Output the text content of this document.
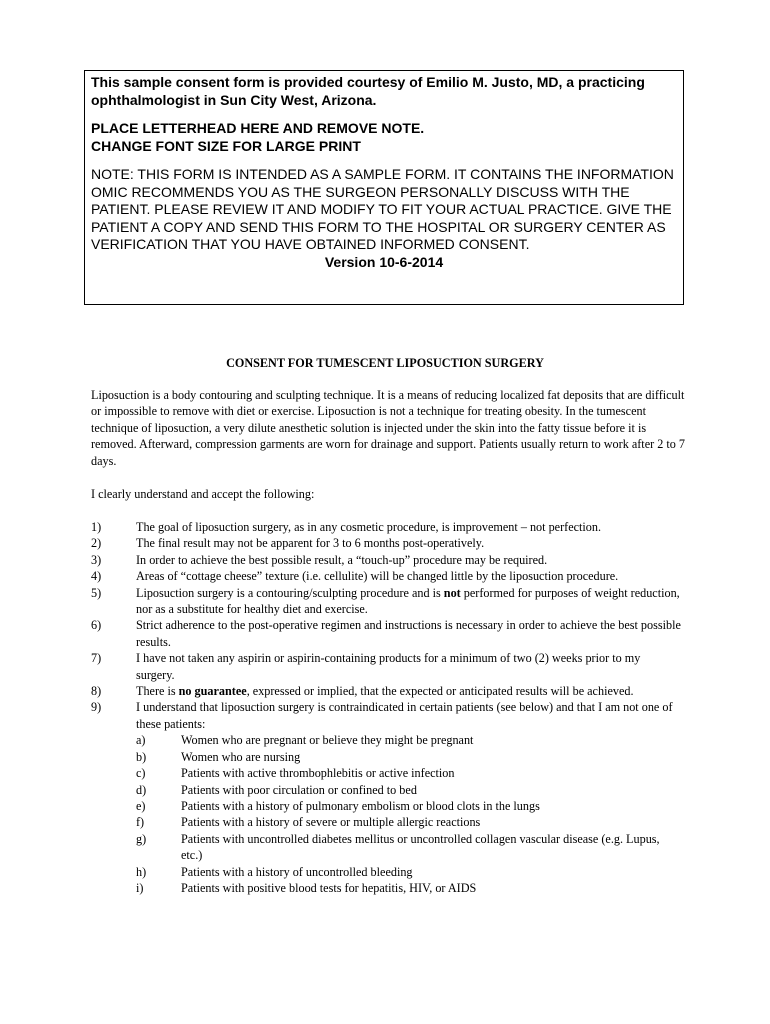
This sample consent form is provided courtesy of Emilio M. Justo, MD, a practicing ophthalmologist in Sun City West, Arizona.

PLACE LETTERHEAD HERE AND REMOVE NOTE.

CHANGE FONT SIZE FOR LARGE PRINT

NOTE: THIS FORM IS INTENDED AS A SAMPLE FORM. IT CONTAINS THE INFORMATION OMIC RECOMMENDS YOU AS THE SURGEON PERSONALLY DISCUSS WITH THE PATIENT. PLEASE REVIEW IT AND MODIFY TO FIT YOUR ACTUAL PRACTICE. GIVE THE PATIENT A COPY AND SEND THIS FORM TO THE HOSPITAL OR SURGERY CENTER AS VERIFICATION THAT YOU HAVE OBTAINED INFORMED CONSENT.

Version 10-6-2014

CONSENT FOR TUMESCENT LIPOSUCTION SURGERY
Liposuction is a body contouring and sculpting technique. It is a means of reducing localized fat deposits that are difficult or impossible to remove with diet or exercise. Liposuction is not a technique for treating obesity. In the tumescent technique of liposuction, a very dilute anesthetic solution is injected under the skin into the fatty tissue before it is removed. Afterward, compression garments are worn for drainage and support. Patients usually return to work after 2 to 7 days.
I clearly understand and accept the following:
1)	The goal of liposuction surgery, as in any cosmetic procedure, is improvement – not perfection.
2)	The final result may not be apparent for 3 to 6 months post-operatively.
3)	In order to achieve the best possible result, a “touch-up” procedure may be required.
4)	Areas of “cottage cheese” texture (i.e. cellulite) will be changed little by the liposuction procedure.
5)	Liposuction surgery is a contouring/sculpting procedure and is not performed for purposes of weight reduction, nor as a substitute for healthy diet and exercise.
6)	Strict adherence to the post-operative regimen and instructions is necessary in order to achieve the best possible results.
7)	I have not taken any aspirin or aspirin-containing products for a minimum of two (2) weeks prior to my surgery.
8)	There is no guarantee, expressed or implied, that the expected or anticipated results will be achieved.
9)	I understand that liposuction surgery is contraindicated in certain patients (see below) and that I am not one of these patients:
a)	Women who are pregnant or believe they might be pregnant
b)	Women who are nursing
c)	Patients with active thrombophlebitis or active infection
d)	Patients with poor circulation or confined to bed
e)	Patients with a history of pulmonary embolism or blood clots in the lungs
f)	Patients with a history of severe or multiple allergic reactions
g)	Patients with uncontrolled diabetes mellitus or uncontrolled collagen vascular disease (e.g. Lupus, etc.)
h)	Patients with a history of uncontrolled bleeding
i)	Patients with positive blood tests for hepatitis, HIV, or AIDS
